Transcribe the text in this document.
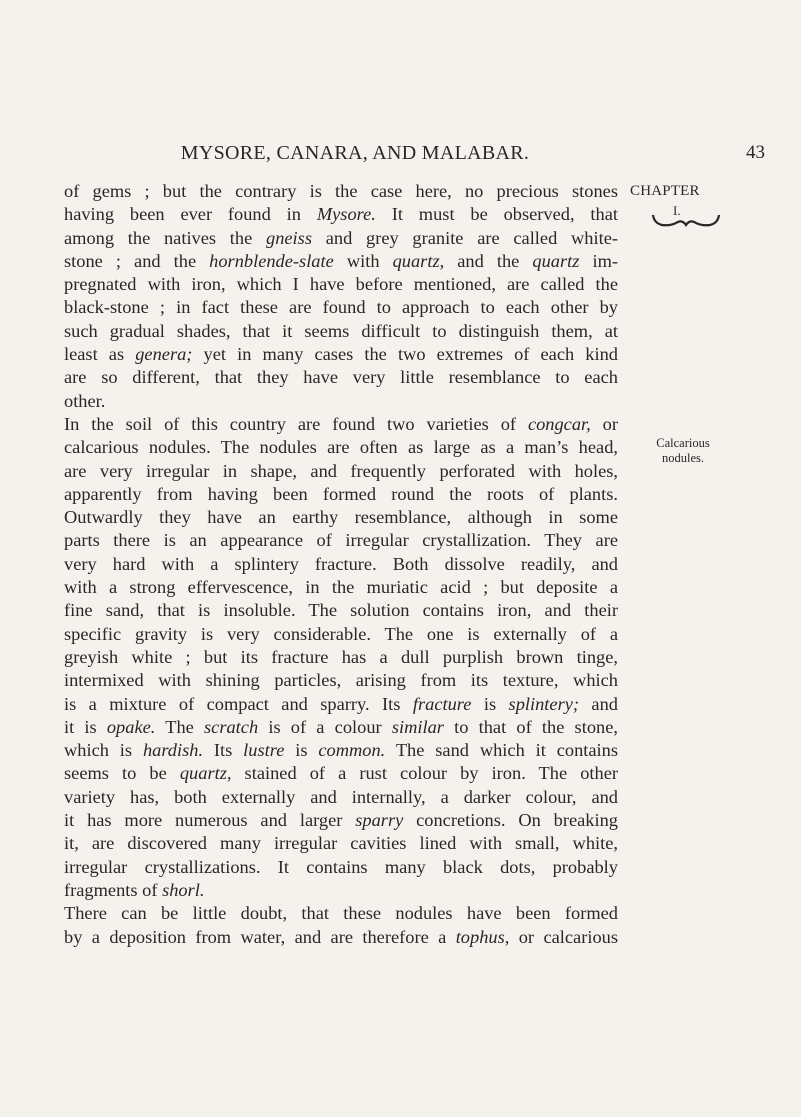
MYSORE, CANARA, AND MALABAR.	43
CHAPTER
I.
Calcarious
nodules.
of gems ; but the contrary is the case here, no precious stones
having been ever found in Mysore. It must be observed, that
among the natives the gneiss and grey granite are called white-
stone ; and the hornblende-slate with quartz, and the quartz im-
pregnated with iron, which I have before mentioned, are called the
black-stone ; in fact these are found to approach to each other by
such gradual shades, that it seems difficult to distinguish them, at
least as genera; yet in many cases the two extremes of each kind
are so different, that they have very little resemblance to each
other.
In the soil of this country are found two varieties of congcar, or
calcarious nodules. The nodules are often as large as a man’s head,
are very irregular in shape, and frequently perforated with holes,
apparently from having been formed round the roots of plants.
Outwardly they have an earthy resemblance, although in some
parts there is an appearance of irregular crystallization. They are
very hard with a splintery fracture. Both dissolve readily, and
with a strong effervescence, in the muriatic acid ; but deposite a
fine sand, that is insoluble. The solution contains iron, and their
specific gravity is very considerable. The one is externally of a
greyish white ; but its fracture has a dull purplish brown tinge,
intermixed with shining particles, arising from its texture, which
is a mixture of compact and sparry. Its fracture is splintery; and
it is opake. The scratch is of a colour similar to that of the stone,
which is hardish. Its lustre is common. The sand which it contains
seems to be quartz, stained of a rust colour by iron. The other
variety has, both externally and internally, a darker colour, and
it has more numerous and larger sparry concretions. On breaking
it, are discovered many irregular cavities lined with small, white,
irregular crystallizations. It contains many black dots, probably
fragments of shorl.
There can be little doubt, that these nodules have been formed
by a deposition from water, and are therefore a tophus, or calcarious
